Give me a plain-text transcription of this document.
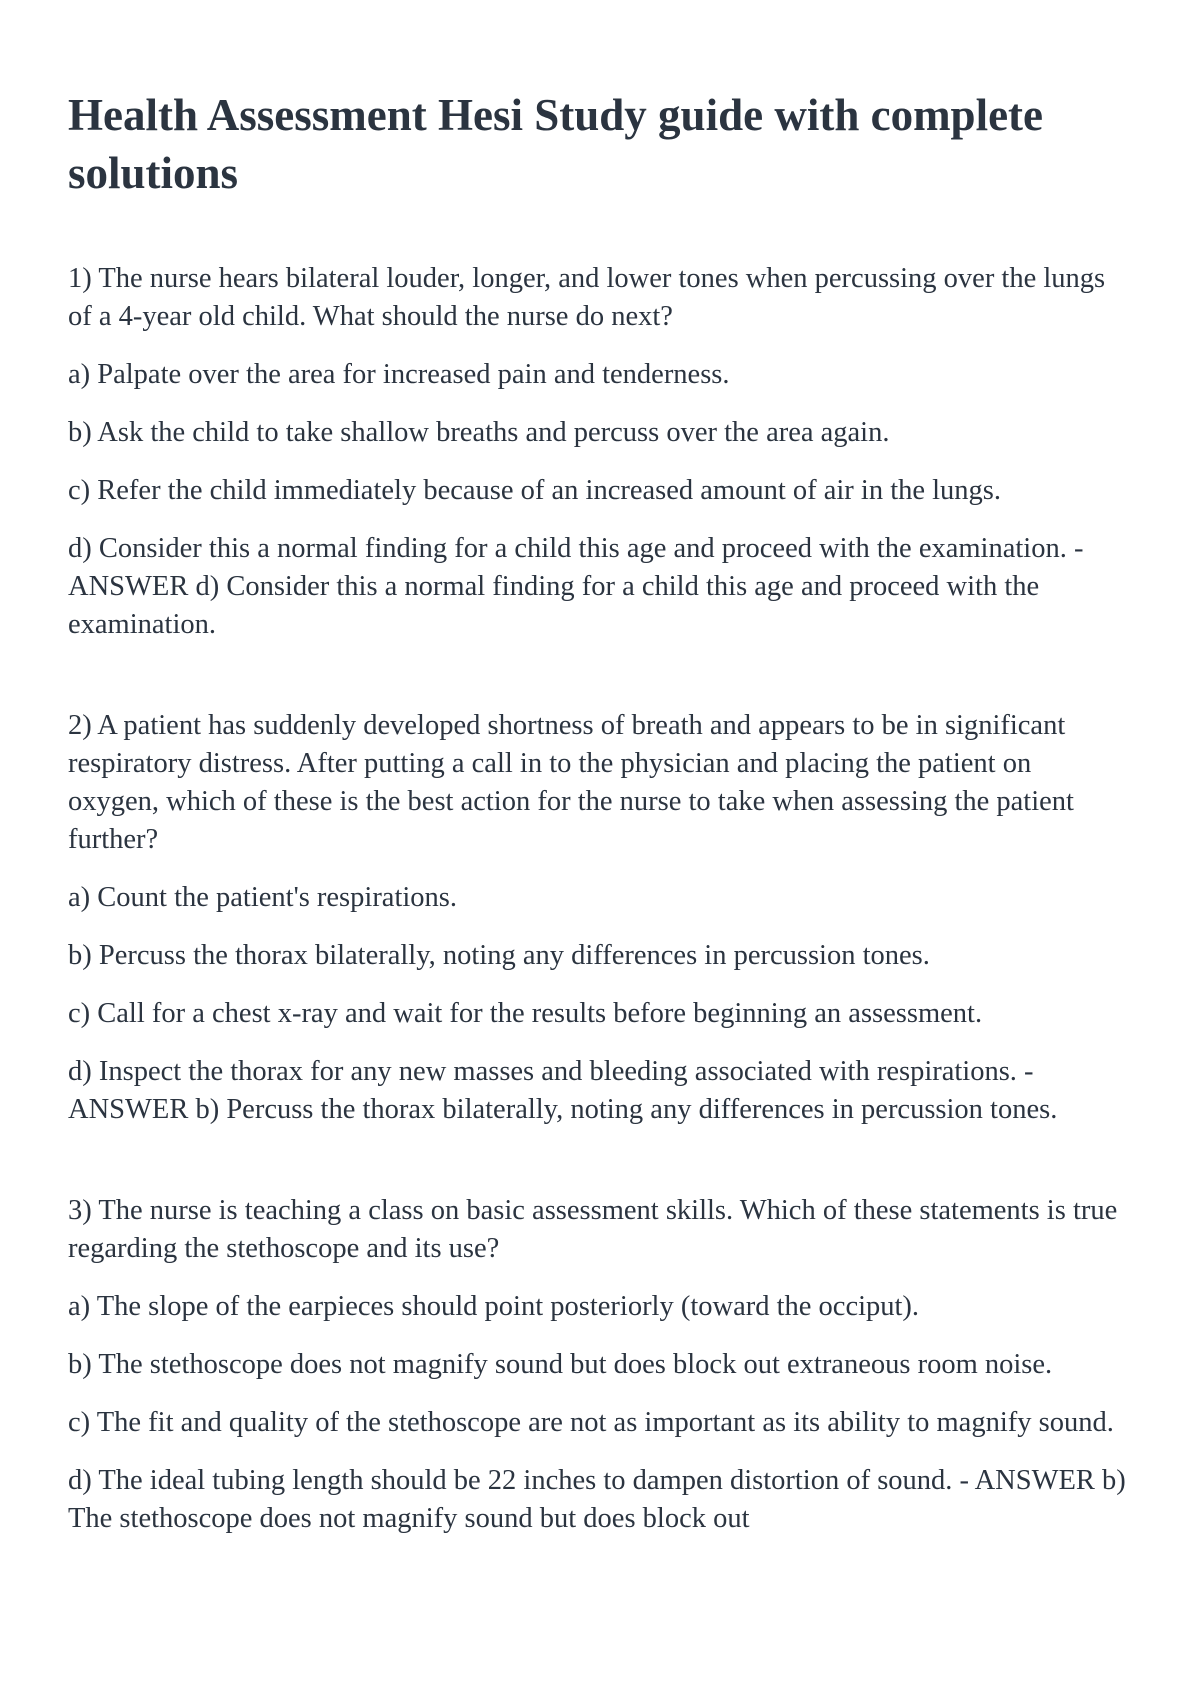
Health Assessment Hesi Study guide with complete solutions

1) The nurse hears bilateral louder, longer, and lower tones when percussing over the lungs of a 4-year old child. What should the nurse do next?

a) Palpate over the area for increased pain and tenderness.

b) Ask the child to take shallow breaths and percuss over the area again.

c) Refer the child immediately because of an increased amount of air in the lungs.

d) Consider this a normal finding for a child this age and proceed with the examination. - ANSWER d) Consider this a normal finding for a child this age and proceed with the examination.

2) A patient has suddenly developed shortness of breath and appears to be in significant respiratory distress. After putting a call in to the physician and placing the patient on oxygen, which of these is the best action for the nurse to take when assessing the patient further?

a) Count the patient's respirations.

b) Percuss the thorax bilaterally, noting any differences in percussion tones.

c) Call for a chest x-ray and wait for the results before beginning an assessment.

d) Inspect the thorax for any new masses and bleeding associated with respirations. - ANSWER b) Percuss the thorax bilaterally, noting any differences in percussion tones.

3) The nurse is teaching a class on basic assessment skills. Which of these statements is true regarding the stethoscope and its use?

a) The slope of the earpieces should point posteriorly (toward the occiput).

b) The stethoscope does not magnify sound but does block out extraneous room noise.

c) The fit and quality of the stethoscope are not as important as its ability to magnify sound.

d) The ideal tubing length should be 22 inches to dampen distortion of sound. - ANSWER b) The stethoscope does not magnify sound but does block out
